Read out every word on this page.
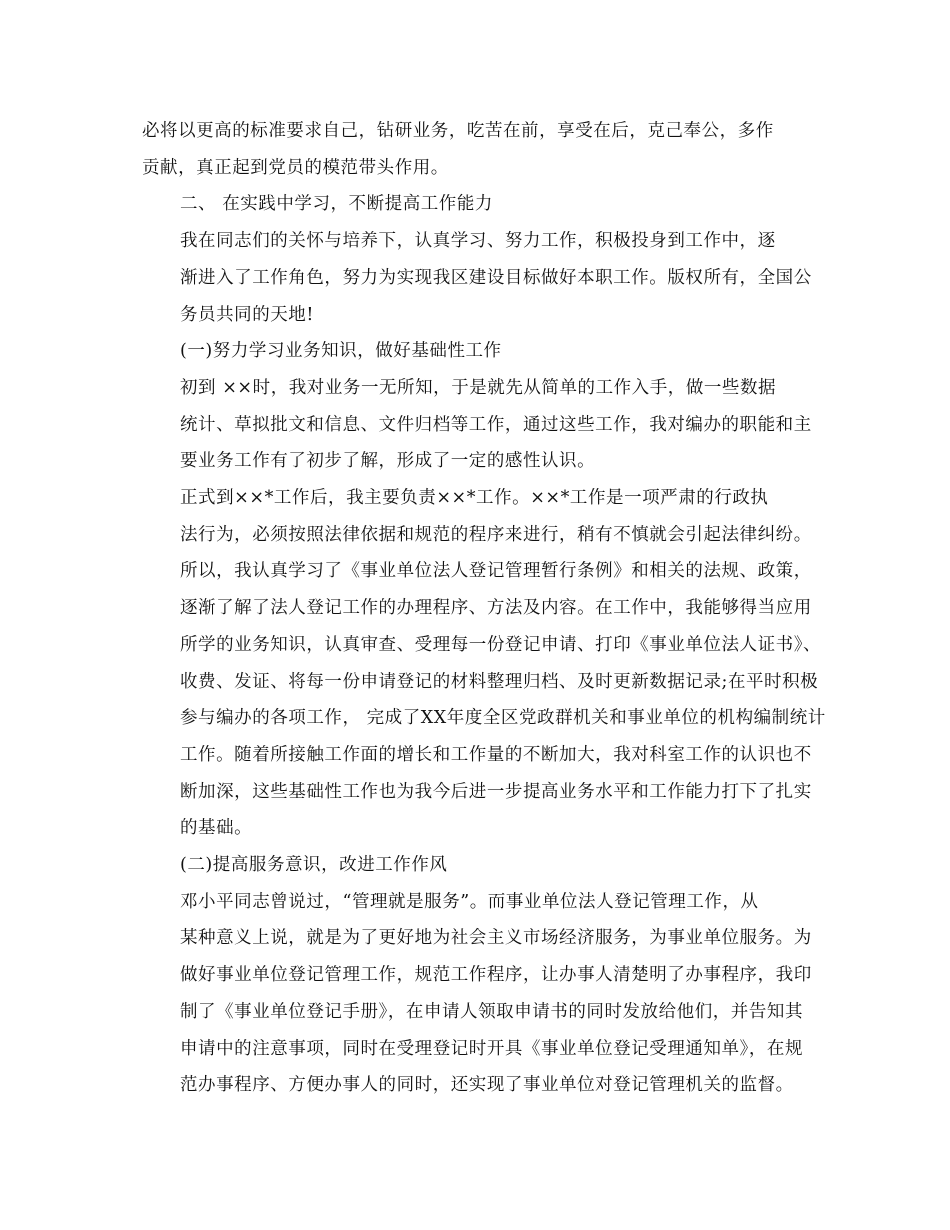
必将以更高的标准要求自己，钻研业务，吃苦在前，享受在后，克己奉公，多作
贡献，真正起到党员的模范带头作用。
二、 在实践中学习，不断提高工作能力
我在同志们的关怀与培养下，认真学习、努力工作，积极投身到工作中，逐
渐进入了工作角色，努力为实现我区建设目标做好本职工作。版权所有，全国公
务员共同的天地!
(一)努力学习业务知识，做好基础性工作
初到 ××时，我对业务一无所知，于是就先从简单的工作入手，做一些数据
统计、草拟批文和信息、文件归档等工作，通过这些工作，我对编办的职能和主
要业务工作有了初步了解，形成了一定的感性认识。
正式到××*工作后，我主要负责××*工作。××*工作是一项严肃的行政执
法行为，必须按照法律依据和规范的程序来进行，稍有不慎就会引起法律纠纷。
所以，我认真学习了《事业单位法人登记管理暂行条例》和相关的法规、政策，
逐渐了解了法人登记工作的办理程序、方法及内容。在工作中，我能够得当应用
所学的业务知识，认真审查、受理每一份登记申请、打印《事业单位法人证书》、
收费、发证、将每一份申请登记的材料整理归档、及时更新数据记录;在平时积极
参与编办的各项工作， 完成了XX年度全区党政群机关和事业单位的机构编制统计
工作。随着所接触工作面的增长和工作量的不断加大，我对科室工作的认识也不
断加深，这些基础性工作也为我今后进一步提高业务水平和工作能力打下了扎实
的基础。
(二)提高服务意识，改进工作作风
邓小平同志曾说过，“管理就是服务”。而事业单位法人登记管理工作，从
某种意义上说，就是为了更好地为社会主义市场经济服务，为事业单位服务。为
做好事业单位登记管理工作，规范工作程序，让办事人清楚明了办事程序，我印
制了《事业单位登记手册》，在申请人领取申请书的同时发放给他们，并告知其
申请中的注意事项，同时在受理登记时开具《事业单位登记受理通知单》，在规
范办事程序、方便办事人的同时，还实现了事业单位对登记管理机关的监督。
